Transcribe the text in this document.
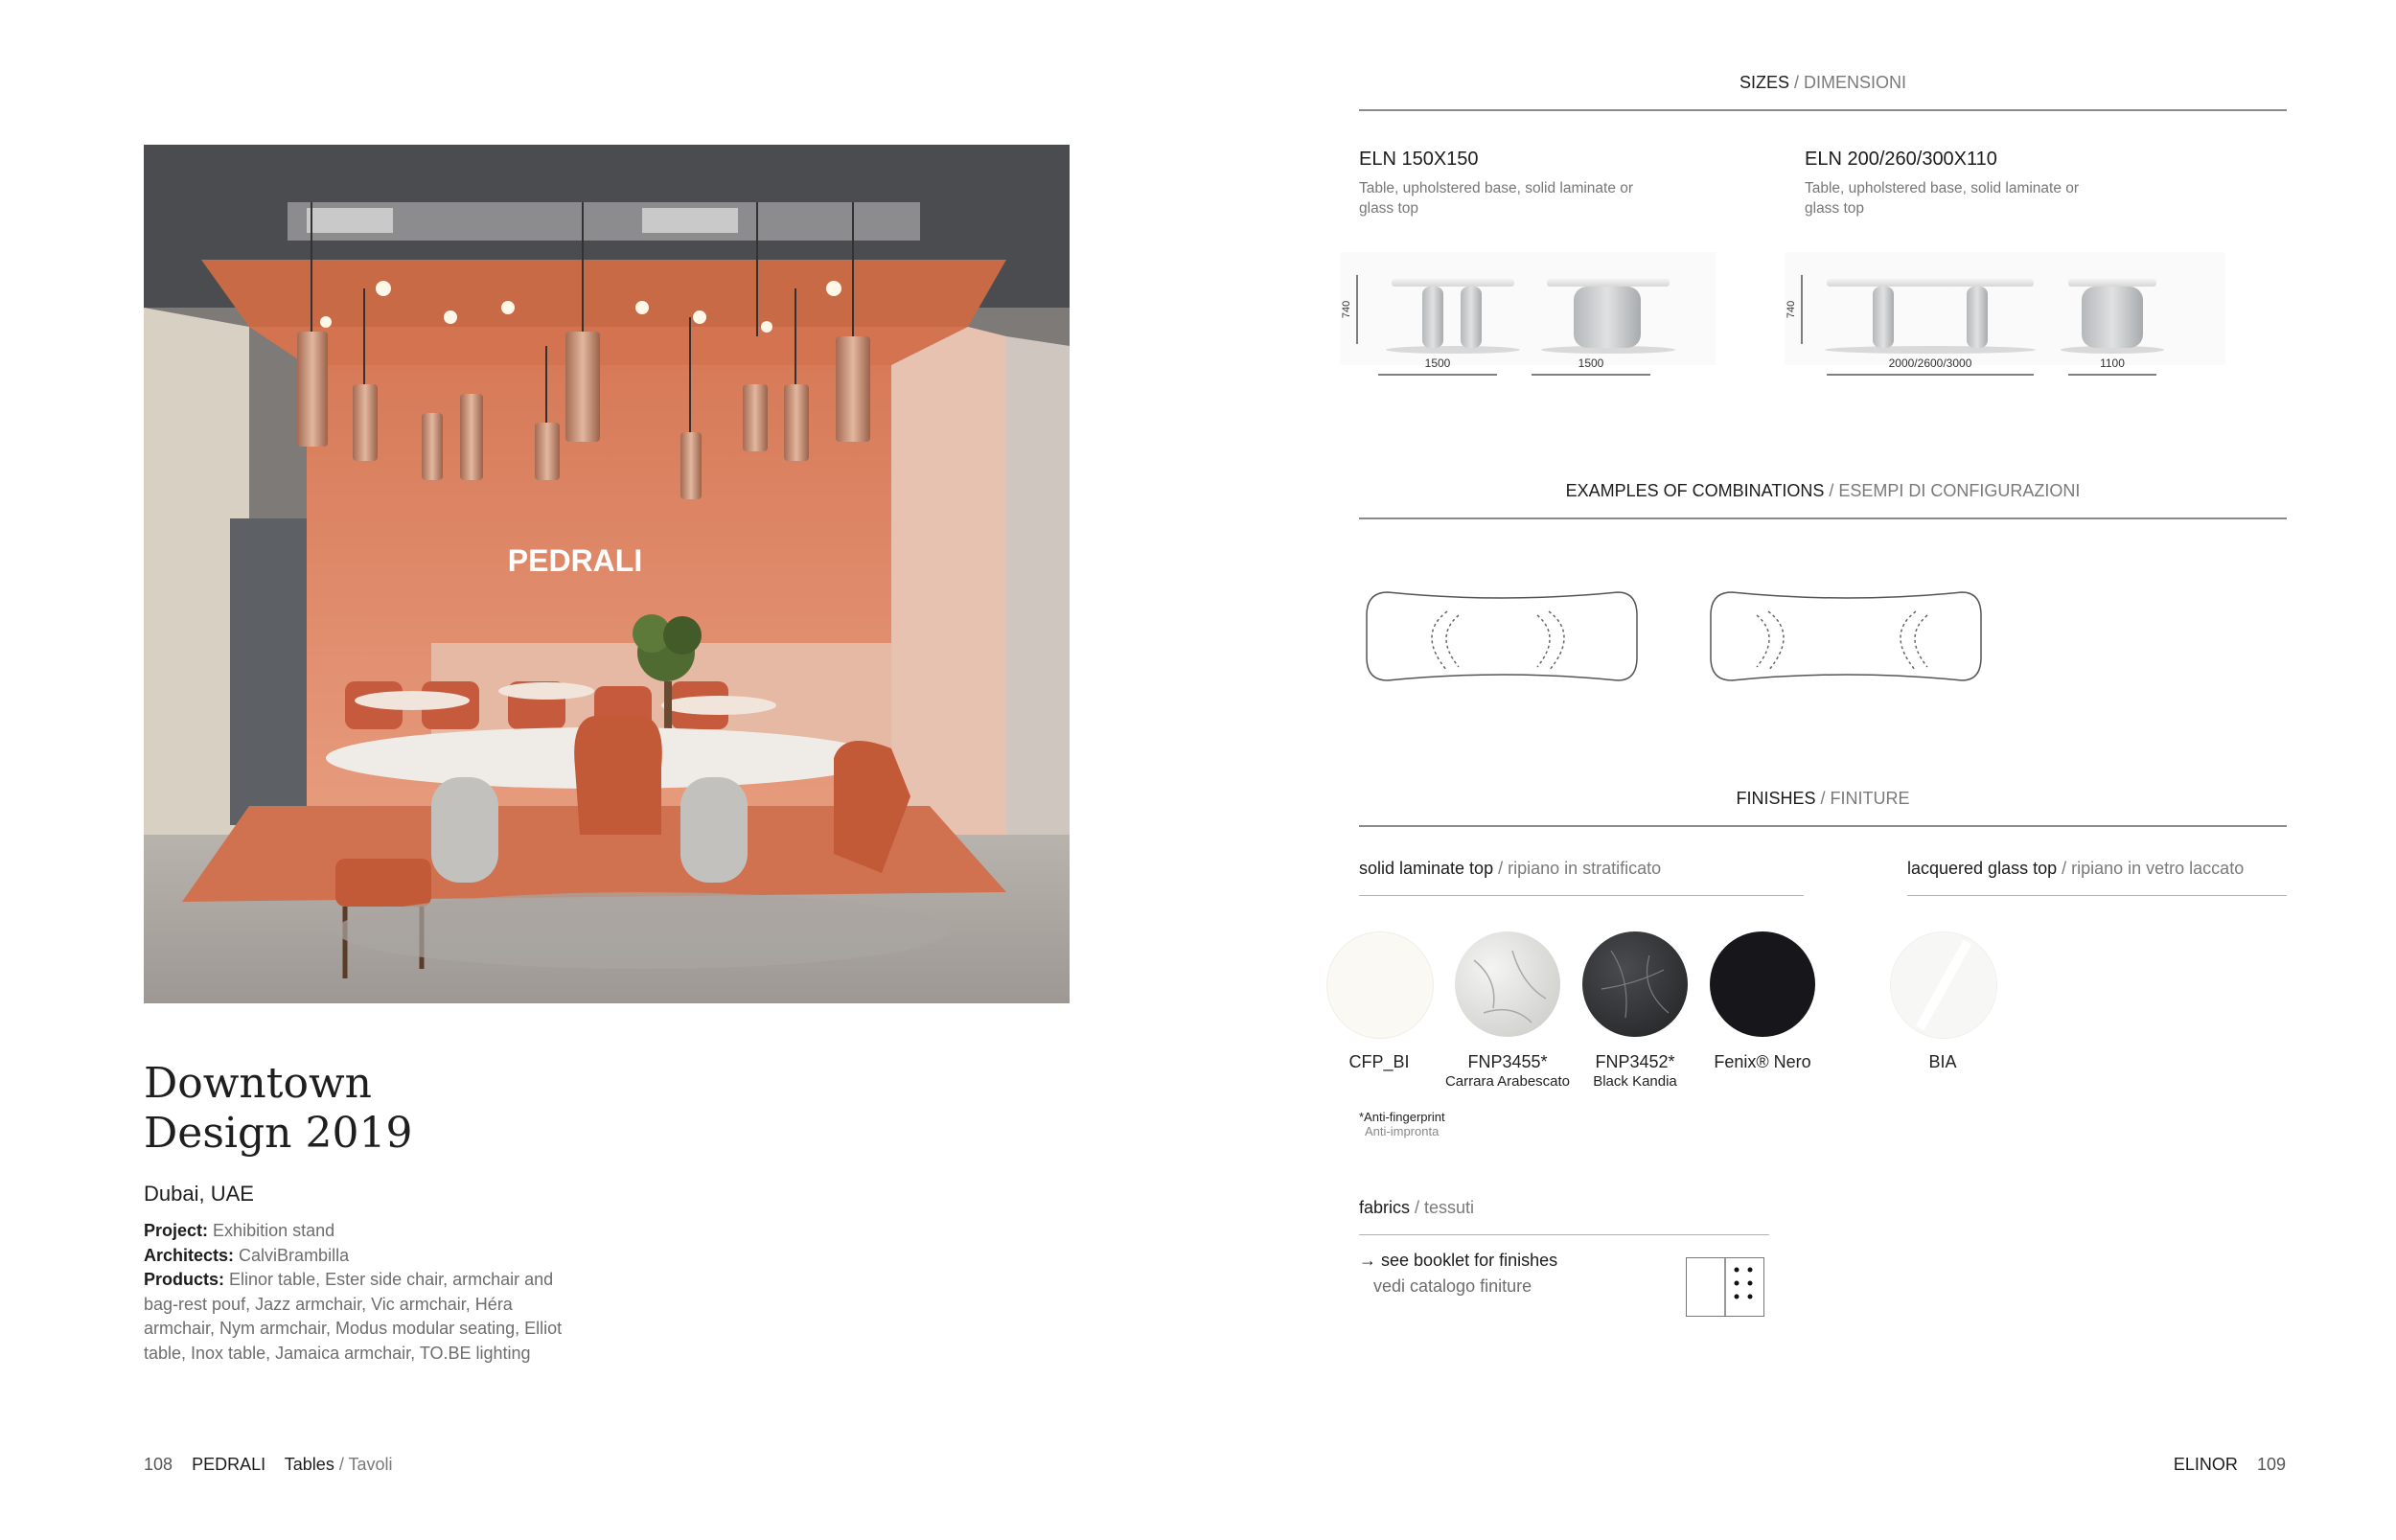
PEDRALI
Downtown
Design 2019
Dubai, UAE
Project: Exhibition stand
Architects: CalviBrambilla
Products: Elinor table, Ester side chair, armchair and bag-rest pouf, Jazz armchair, Vic armchair, Héra armchair, Nym armchair, Modus modular seating, Elliot table, Inox table, Jamaica armchair, TO.BE lighting
108 PEDRALI Tables / Tavoli	ELINOR 109
SIZES / DIMENSIONI
ELN 150X150
Table, upholstered base, solid laminate or glass top
ELN 200/260/300X110
Table, upholstered base, solid laminate or glass top
740
1500	1500
740
2000/2600/3000	1100
EXAMPLES OF COMBINATIONS / ESEMPI DI CONFIGURAZIONI
FINISHES / FINITURE
solid laminate top / ripiano in stratificato	lacquered glass top / ripiano in vetro laccato
CFP_BI	FNP3455*
Carrara Arabescato
FNP3452*
Black Kandia
Fenix® Nero	BIA
*Anti-fingerprint
Anti-impronta
fabrics / tessuti
→ see booklet for finishes
vedi catalogo finiture
